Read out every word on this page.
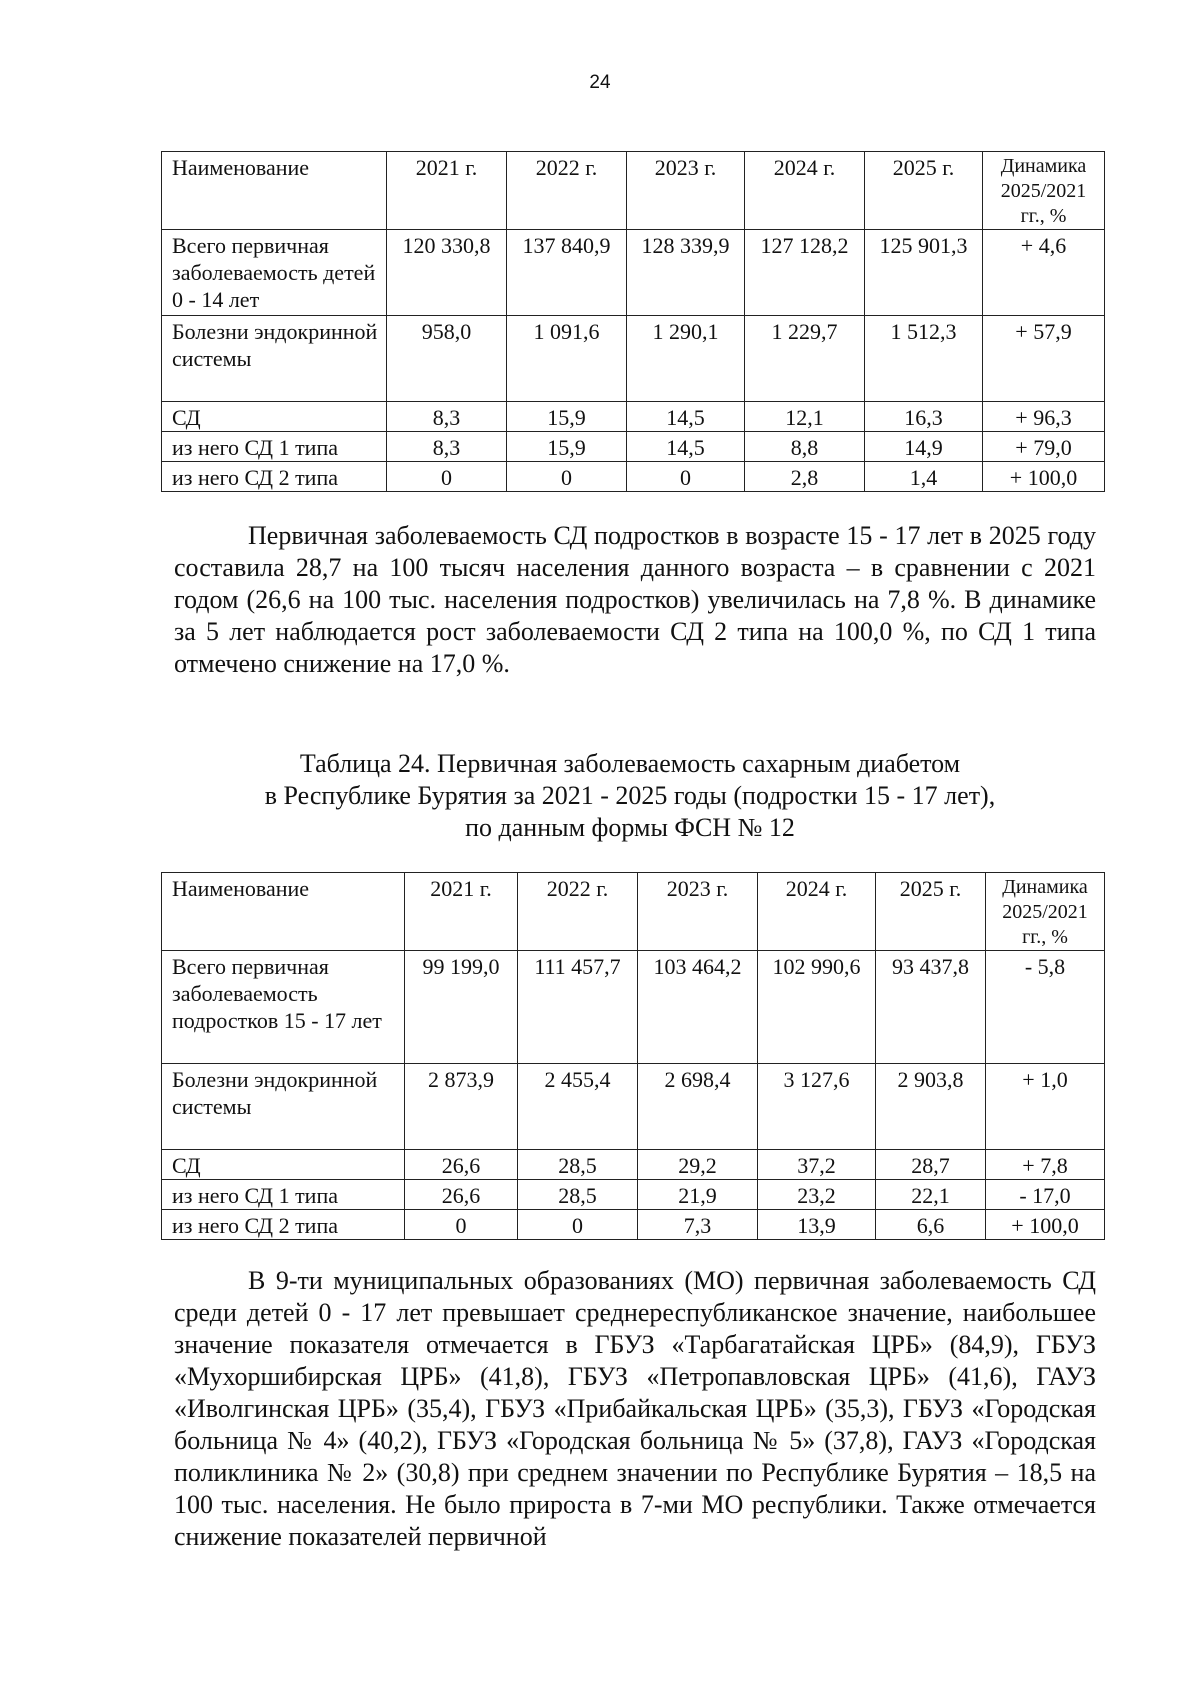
24
Наименование	2021 г.	2022 г.	2023 г.	2024 г.	2025 г.	Динамика 2025/2021 гг., %
Всего первичная заболеваемость детей 0 - 14 лет	120 330,8	137 840,9	128 339,9	127 128,2	125 901,3	+ 4,6
Болезни эндокринной системы	958,0	1 091,6	1 290,1	1 229,7	1 512,3	+ 57,9
СД	8,3	15,9	14,5	12,1	16,3	+ 96,3
из него СД 1 типа	8,3	15,9	14,5	8,8	14,9	+ 79,0
из него СД 2 типа	0	0	0	2,8	1,4	+ 100,0

Первичная заболеваемость СД подростков в возрасте 15 - 17 лет в 2025 году составила 28,7 на 100 тысяч населения данного возраста – в сравнении с 2021 годом (26,6 на 100 тыс. населения подростков) увеличилась на 7,8 %. В динамике за 5 лет наблюдается рост заболеваемости СД 2 типа на 100,0 %, по СД 1 типа отмечено снижение на 17,0 %.

Таблица 24. Первичная заболеваемость сахарным диабетом
в Республике Бурятия за 2021 - 2025 годы (подростки 15 - 17 лет),
по данным формы ФСН № 12
Наименование	2021 г.	2022 г.	2023 г.	2024 г.	2025 г.	Динамика 2025/2021 гг., %
Всего первичная заболеваемость подростков 15 - 17 лет	99 199,0	111 457,7	103 464,2	102 990,6	93 437,8	- 5,8
Болезни эндокринной системы	2 873,9	2 455,4	2 698,4	3 127,6	2 903,8	+ 1,0
СД	26,6	28,5	29,2	37,2	28,7	+ 7,8
из него СД 1 типа	26,6	28,5	21,9	23,2	22,1	- 17,0
из него СД 2 типа	0	0	7,3	13,9	6,6	+ 100,0

В 9-ти муниципальных образованиях (МО) первичная заболеваемость СД среди детей 0 - 17 лет превышает среднереспубликанское значение, наибольшее значение показателя отмечается в ГБУЗ «Тарбагатайская ЦРБ» (84,9), ГБУЗ «Мухоршибирская ЦРБ» (41,8), ГБУЗ «Петропавловская ЦРБ» (41,6), ГАУЗ «Иволгинская ЦРБ» (35,4), ГБУЗ «Прибайкальская ЦРБ» (35,3), ГБУЗ «Городская больница № 4» (40,2), ГБУЗ «Городская больница № 5» (37,8), ГАУЗ «Городская поликлиника № 2» (30,8) при среднем значении по Республике Бурятия – 18,5 на 100 тыс. населения. Не было прироста в 7-ми МО республики. Также отмечается снижение показателей первичной
